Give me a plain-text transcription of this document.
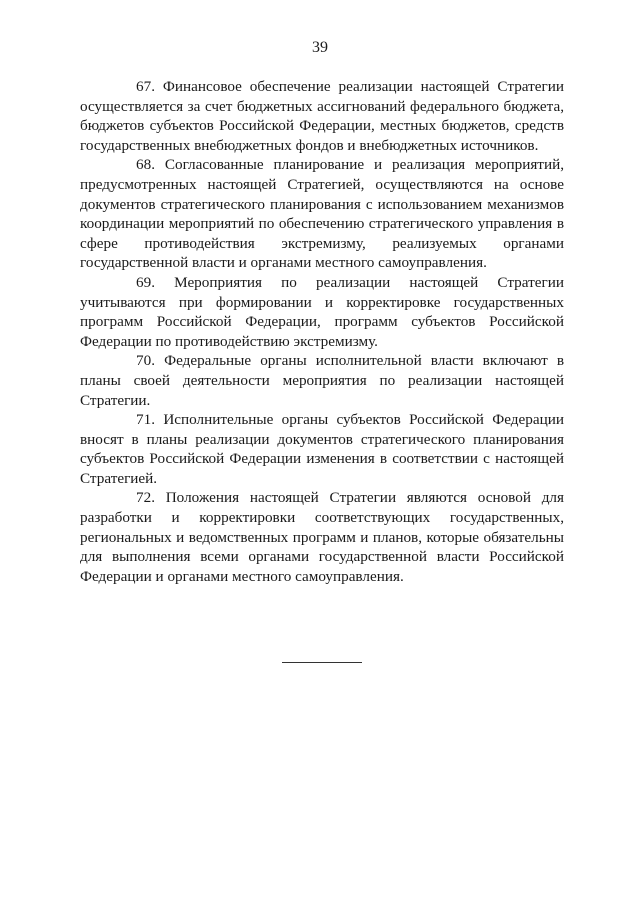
39

67. Финансовое обеспечение реализации настоящей Стратегии осуществляется за счет бюджетных ассигнований федерального бюджета, бюджетов субъектов Российской Федерации, местных бюджетов, средств государственных внебюджетных фондов и внебюджетных источников.

68. Согласованные планирование и реализация мероприятий, предусмотренных настоящей Стратегией, осуществляются на основе документов стратегического планирования с использованием механизмов координации мероприятий по обеспечению стратегического управления в сфере противодействия экстремизму, реализуемых органами государственной власти и органами местного самоуправления.

69. Мероприятия по реализации настоящей Стратегии учитываются при формировании и корректировке государственных программ Российской Федерации, программ субъектов Российской Федерации по противодействию экстремизму.

70. Федеральные органы исполнительной власти включают в планы своей деятельности мероприятия по реализации настоящей Стратегии.

71. Исполнительные органы субъектов Российской Федерации вносят в планы реализации документов стратегического планирования субъектов Российской Федерации изменения в соответствии с настоящей Стратегией.

72. Положения настоящей Стратегии являются основой для разработки и корректировки соответствующих государственных, региональных и ведомственных программ и планов, которые обязательны для выполнения всеми органами государственной власти Российской Федерации и органами местного самоуправления.
